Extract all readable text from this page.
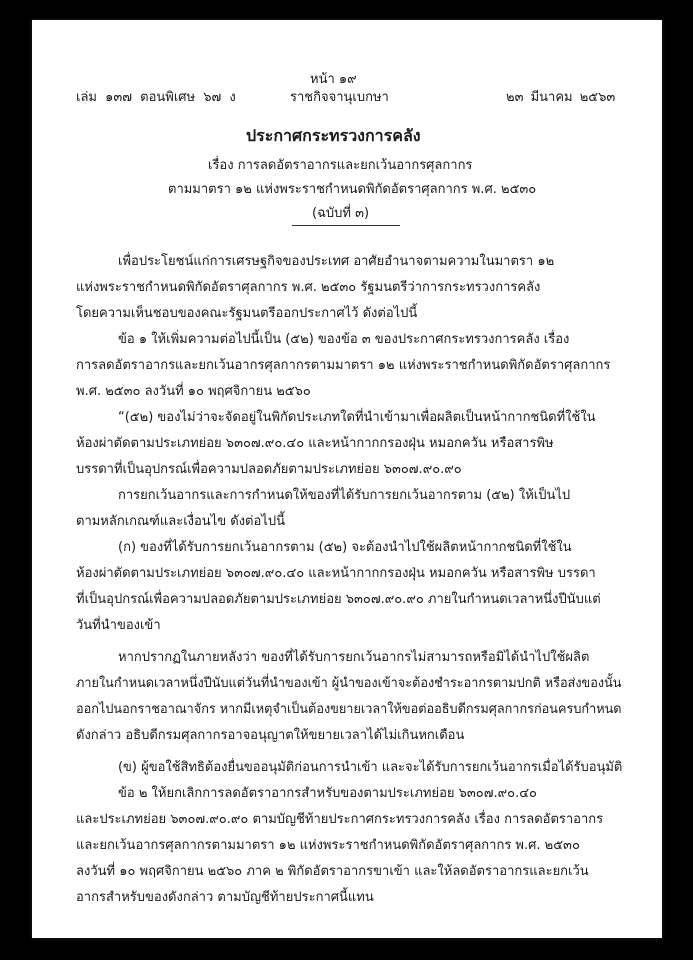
หน้า ๑๙
เล่ม ๑๓๗ ตอนพิเศษ ๖๗ ง	ราชกิจจานุเบกษา	๒๓ มีนาคม ๒๕๖๓
ประกาศกระทรวงการคลัง
เรื่อง การลดอัตราอากรและยกเว้นอากรศุลกากร
ตามมาตรา ๑๒ แห่งพระราชกำหนดพิกัดอัตราศุลกากร พ.ศ. ๒๕๓๐
(ฉบับที่ ๓)
เพื่อประโยชน์แก่การเศรษฐกิจของประเทศ อาศัยอำนาจตามความในมาตรา ๑๒
แห่งพระราชกำหนดพิกัดอัตราศุลกากร พ.ศ. ๒๕๓๐ รัฐมนตรีว่าการกระทรวงการคลัง
โดยความเห็นชอบของคณะรัฐมนตรีออกประกาศไว้ ดังต่อไปนี้
ข้อ ๑ ให้เพิ่มความต่อไปนี้เป็น (๕๒) ของข้อ ๓ ของประกาศกระทรวงการคลัง เรื่อง
การลดอัตราอากรและยกเว้นอากรศุลกากรตามมาตรา ๑๒ แห่งพระราชกำหนดพิกัดอัตราศุลกากร
พ.ศ. ๒๕๓๐ ลงวันที่ ๑๐ พฤศจิกายน ๒๕๖๐
“(๕๒) ของไม่ว่าจะจัดอยู่ในพิกัดประเภทใดที่นำเข้ามาเพื่อผลิตเป็นหน้ากากชนิดที่ใช้ใน
ห้องผ่าตัดตามประเภทย่อย ๖๓๐๗.๙๐.๔๐ และหน้ากากกรองฝุ่น หมอกควัน หรือสารพิษ
บรรดาที่เป็นอุปกรณ์เพื่อความปลอดภัยตามประเภทย่อย ๖๓๐๗.๙๐.๙๐
การยกเว้นอากรและการกำหนดให้ของที่ได้รับการยกเว้นอากรตาม (๕๒) ให้เป็นไป
ตามหลักเกณฑ์และเงื่อนไข ดังต่อไปนี้
(ก) ของที่ได้รับการยกเว้นอากรตาม (๕๒) จะต้องนำไปใช้ผลิตหน้ากากชนิดที่ใช้ใน
ห้องผ่าตัดตามประเภทย่อย ๖๓๐๗.๙๐.๔๐ และหน้ากากกรองฝุ่น หมอกควัน หรือสารพิษ บรรดา
ที่เป็นอุปกรณ์เพื่อความปลอดภัยตามประเภทย่อย ๖๓๐๗.๙๐.๙๐ ภายในกำหนดเวลาหนึ่งปีนับแต่
วันที่นำของเข้า
หากปรากฏในภายหลังว่า ของที่ได้รับการยกเว้นอากรไม่สามารถหรือมิได้นำไปใช้ผลิต
ภายในกำหนดเวลาหนึ่งปีนับแต่วันที่นำของเข้า ผู้นำของเข้าจะต้องชำระอากรตามปกติ หรือส่งของนั้น
ออกไปนอกราชอาณาจักร หากมีเหตุจำเป็นต้องขยายเวลาให้ขอต่ออธิบดีกรมศุลกากรก่อนครบกำหนด
ดังกล่าว อธิบดีกรมศุลกากรอาจอนุญาตให้ขยายเวลาได้ไม่เกินหกเดือน
(ข) ผู้ขอใช้สิทธิต้องยื่นขออนุมัติก่อนการนำเข้า และจะได้รับการยกเว้นอากรเมื่อได้รับอนุมัติ
ข้อ ๒ ให้ยกเลิกการลดอัตราอากรสำหรับของตามประเภทย่อย ๖๓๐๗.๙๐.๔๐
และประเภทย่อย ๖๓๐๗.๙๐.๙๐ ตามบัญชีท้ายประกาศกระทรวงการคลัง เรื่อง การลดอัตราอากร
และยกเว้นอากรศุลกากรตามมาตรา ๑๒ แห่งพระราชกำหนดพิกัดอัตราศุลกากร พ.ศ. ๒๕๓๐
ลงวันที่ ๑๐ พฤศจิกายน ๒๕๖๐ ภาค ๒ พิกัดอัตราอากรขาเข้า และให้ลดอัตราอากรและยกเว้น
อากรสำหรับของดังกล่าว ตามบัญชีท้ายประกาศนี้แทน
